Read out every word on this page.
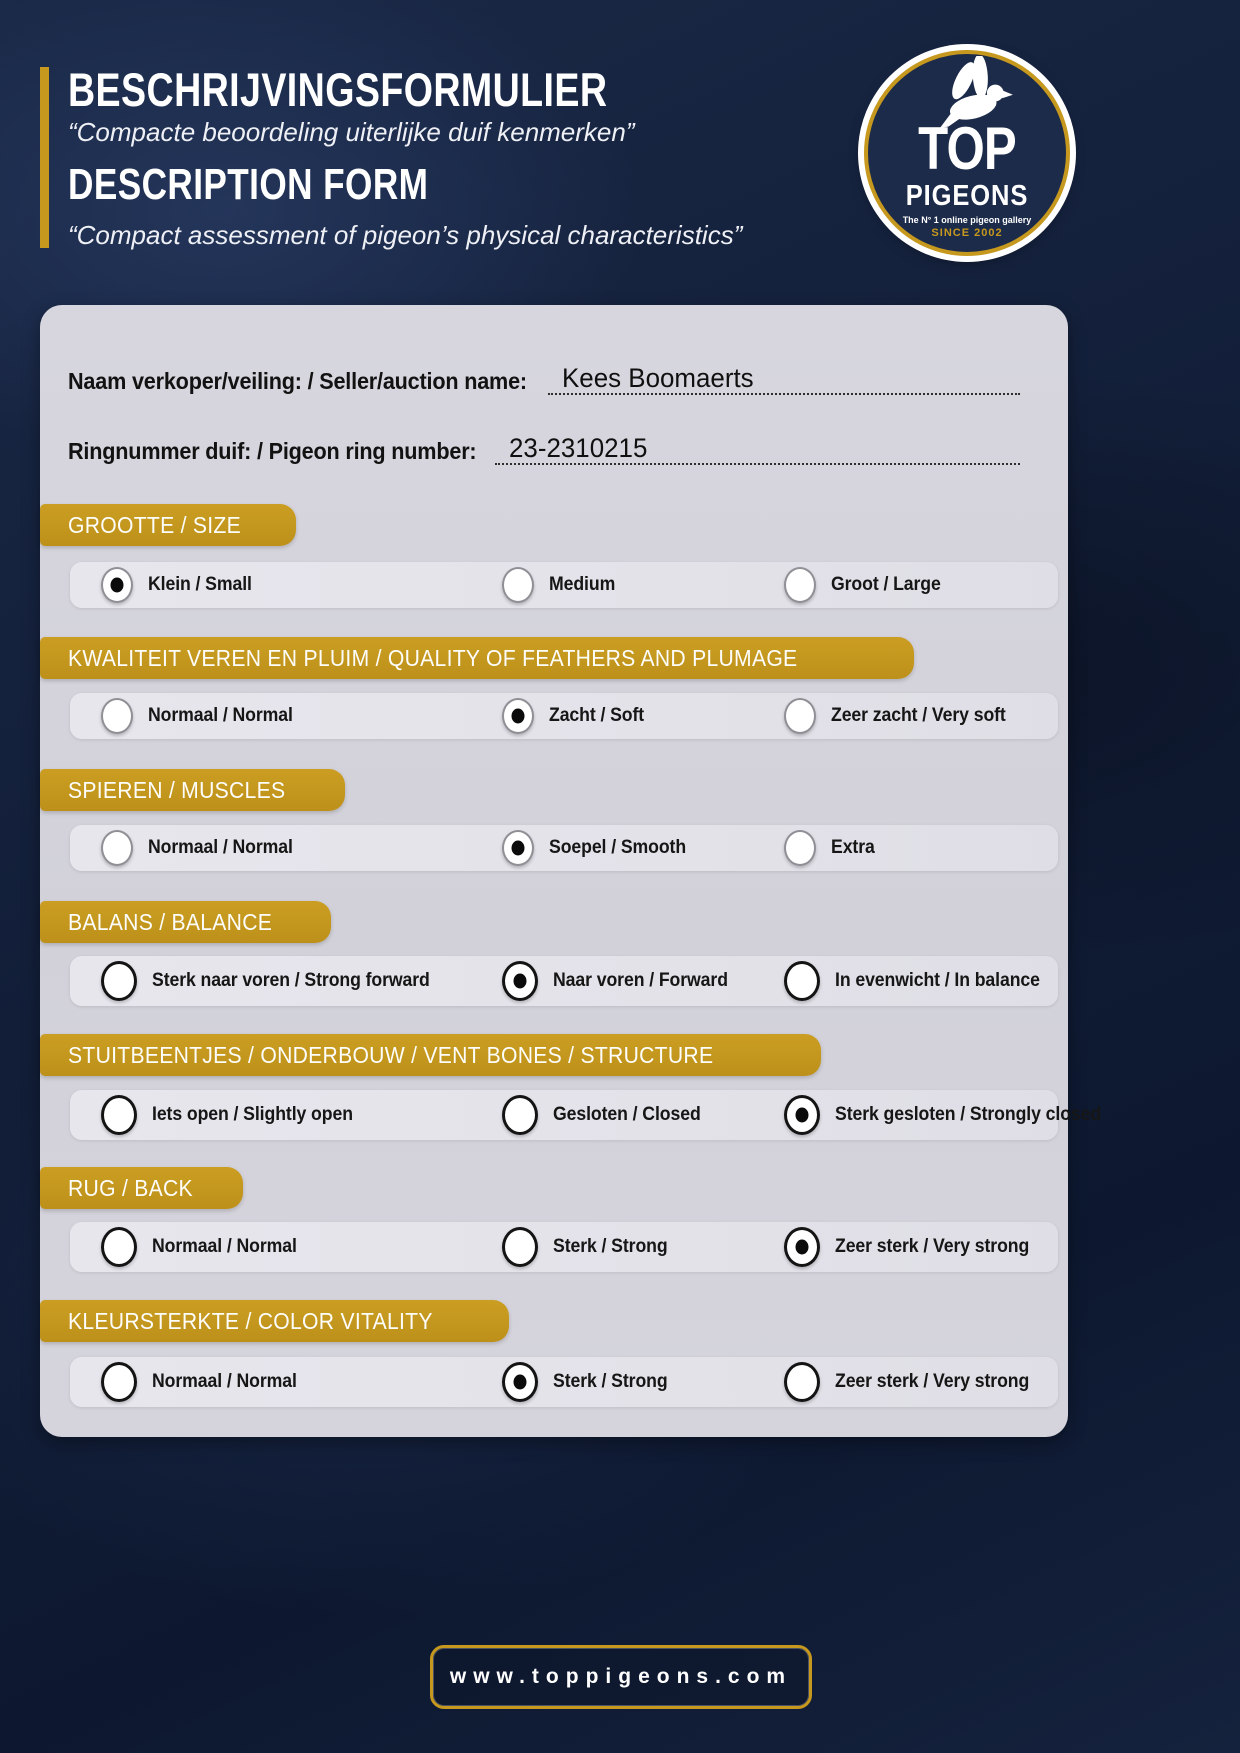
BESCHRIJVINGSFORMULIER
“Compacte beoordeling uiterlijke duif kenmerken”
DESCRIPTION FORM
“Compact assessment of pigeon’s physical characteristics”
TOP
PIGEONS
The N° 1 online pigeon gallery
SINCE 2002
Naam verkoper/veiling: / Seller/auction name:	Kees Boomaerts
Ringnummer duif: / Pigeon ring number:	23-2310215
GROOTTE / SIZE
Klein / Small	Medium	Groot / Large
KWALITEIT VEREN EN PLUIM / QUALITY OF FEATHERS AND PLUMAGE
Normaal / Normal	Zacht / Soft	Zeer zacht / Very soft
SPIEREN / MUSCLES
Normaal / Normal	Soepel / Smooth	Extra
BALANS / BALANCE
Sterk naar voren / Strong forward	Naar voren / Forward	In evenwicht / In balance
STUITBEENTJES / ONDERBOUW / VENT BONES / STRUCTURE
Iets open / Slightly open	Gesloten / Closed	Sterk gesloten / Strongly closed
RUG / BACK
Normaal / Normal	Sterk / Strong	Zeer sterk / Very strong
KLEURSTERKTE / COLOR VITALITY
Normaal / Normal	Sterk / Strong	Zeer sterk / Very strong
www.toppigeons.com
